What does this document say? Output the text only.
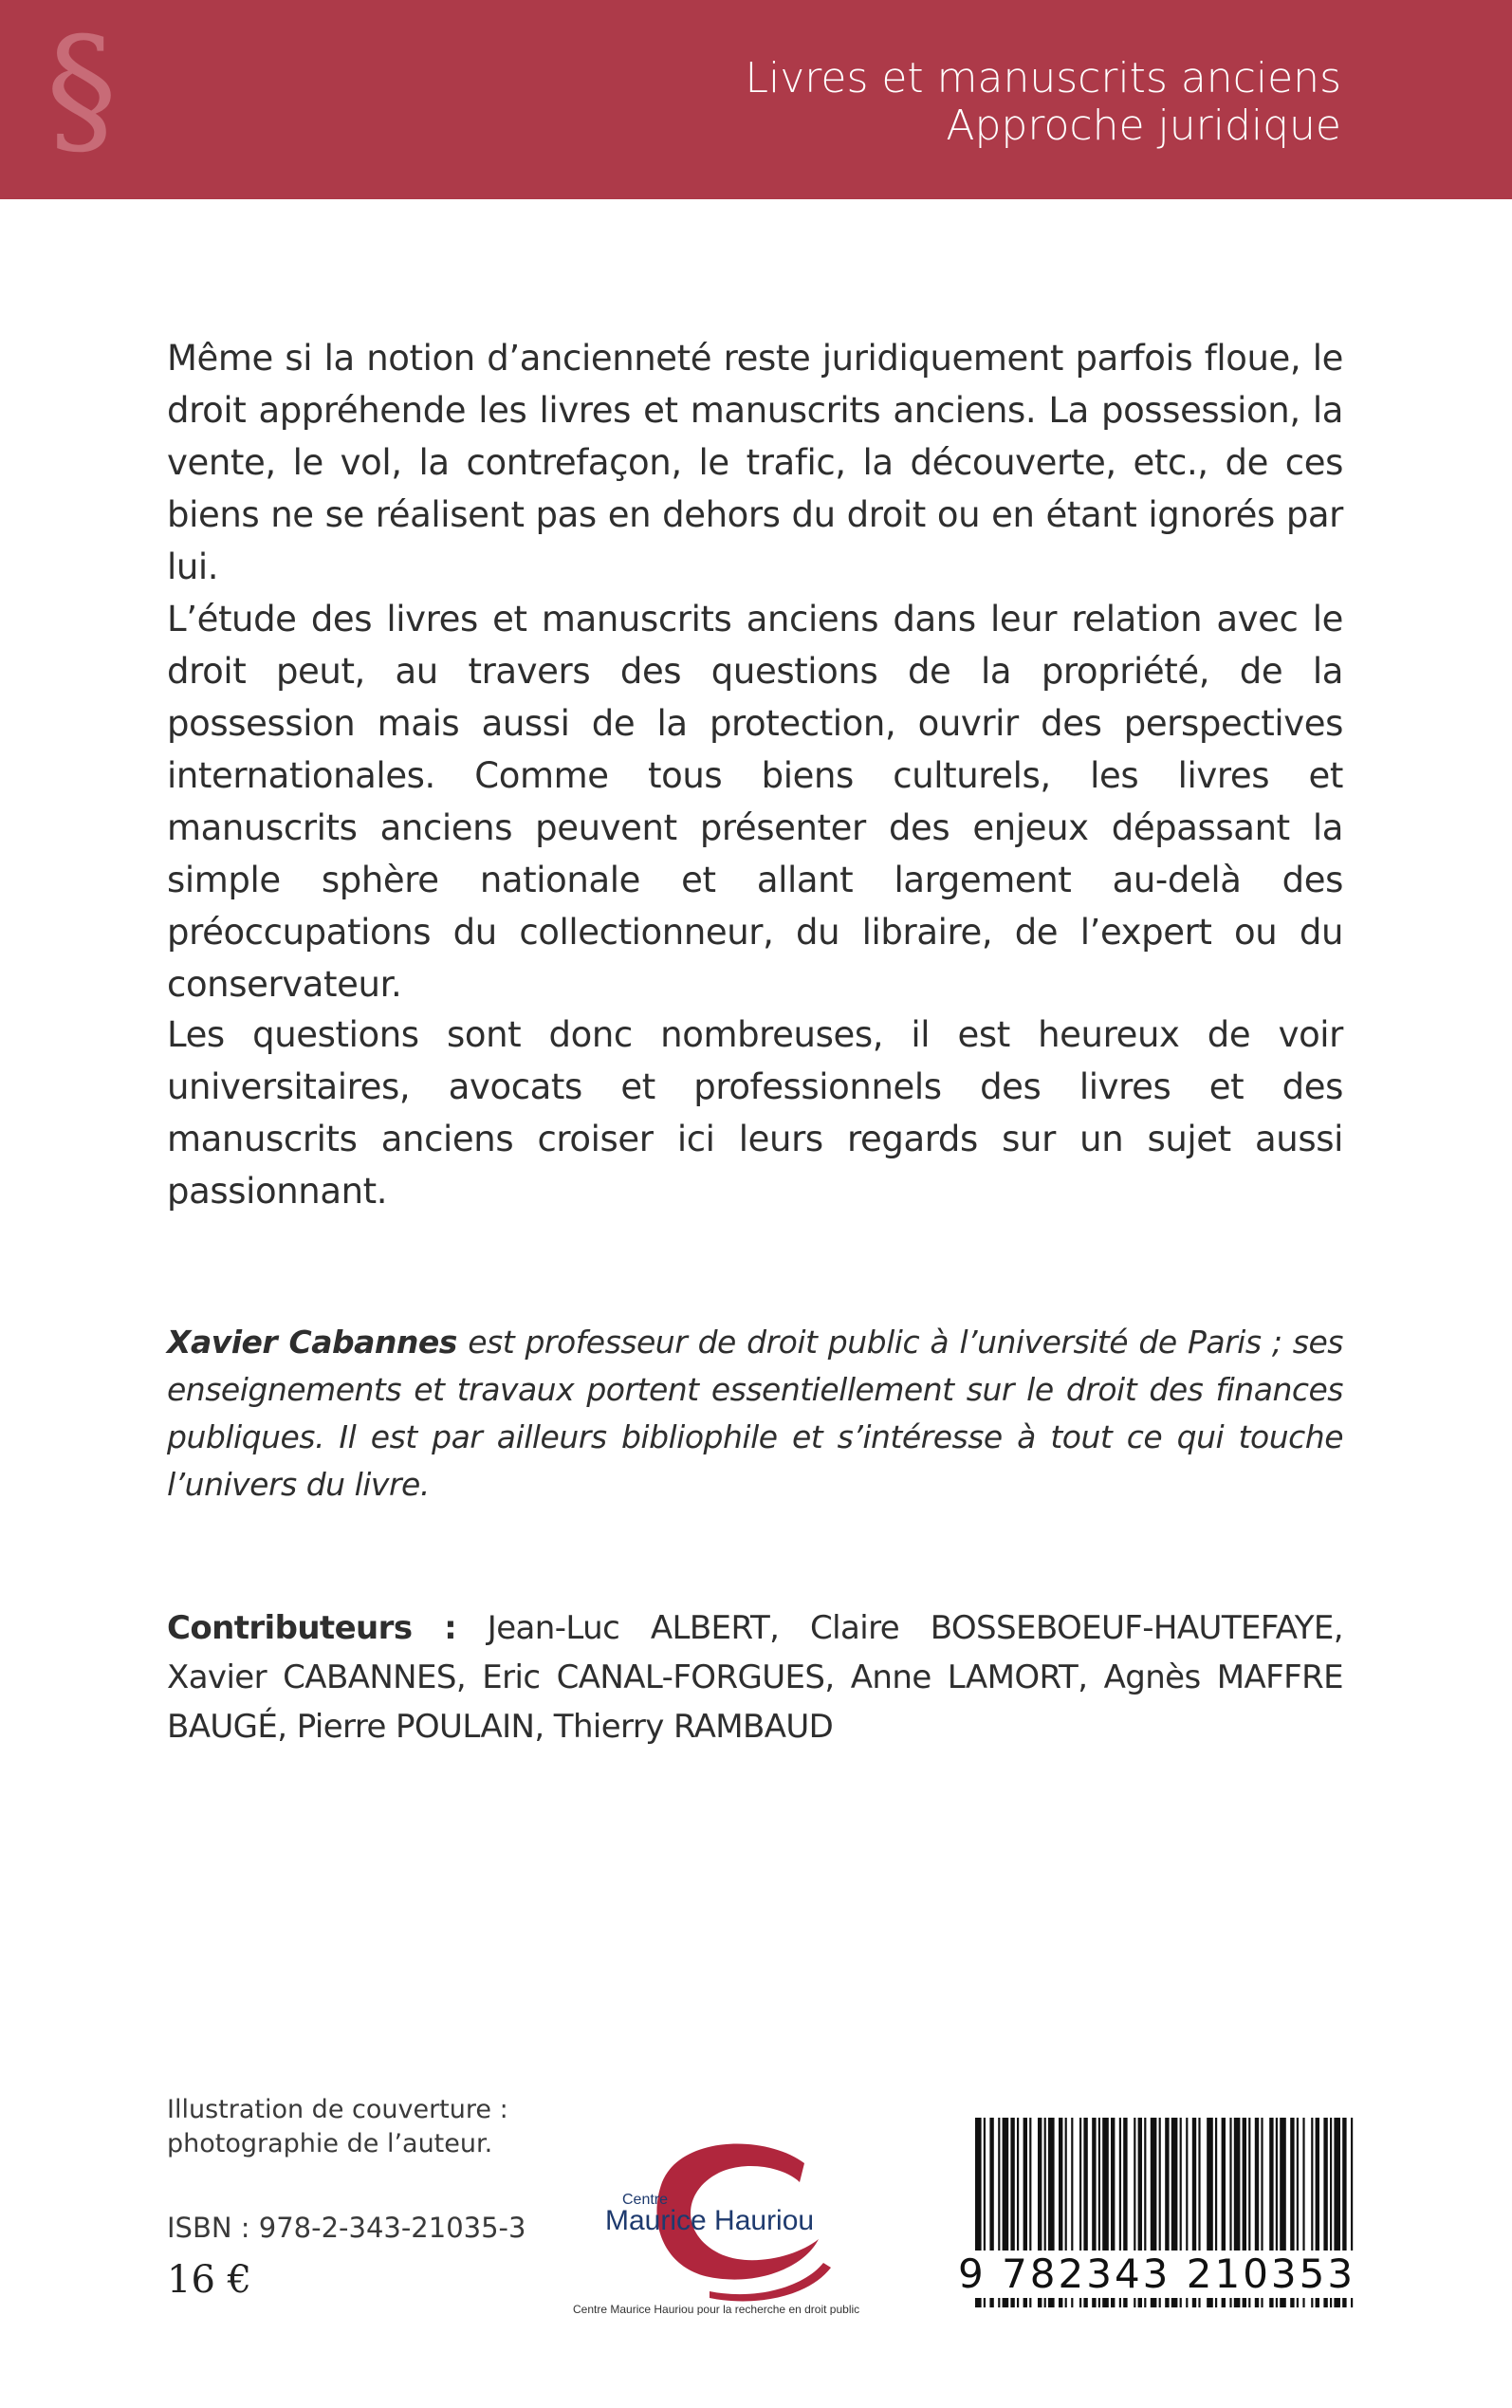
§	Livres et manuscrits anciens
Approche juridique

Même si la notion d’ancienneté reste juridiquement parfois floue, le droit appréhende les livres et manuscrits anciens. La possession, la vente, le vol, la contrefaçon, le trafic, la découverte, etc., de ces biens ne se réalisent pas en dehors du droit ou en étant ignorés par lui.

L’étude des livres et manuscrits anciens dans leur relation avec le droit peut, au travers des questions de la propriété, de la possession mais aussi de la protection, ouvrir des perspectives internationales. Comme tous biens culturels, les livres et manuscrits anciens peuvent présenter des enjeux dépassant la simple sphère nationale et allant largement au-delà des préoccupations du collectionneur, du libraire, de l’expert ou du conservateur.

Les questions sont donc nombreuses, il est heureux de voir universitaires, avocats et professionnels des livres et des manuscrits anciens croiser ici leurs regards sur un sujet aussi passionnant.

Xavier Cabannes est professeur de droit public à l’université de Paris ; ses enseignements et travaux portent essentiellement sur le droit des finances publiques. Il est par ailleurs bibliophile et s’intéresse à tout ce qui touche l’univers du livre.

Contributeurs : Jean-Luc ALBERT, Claire BOSSEBOEUF-HAUTEFAYE, Xavier CABANNES, Eric CANAL-FORGUES, Anne LAMORT, Agnès MAFFRE BAUGÉ, Pierre POULAIN, Thierry RAMBAUD

Illustration de couverture :
photographie de l’auteur.
ISBN : 978-2-343-21035-3
16 €
Centre
Maurice Hauriou
Centre Maurice Hauriou pour la recherche en droit public
9 782343 210353
